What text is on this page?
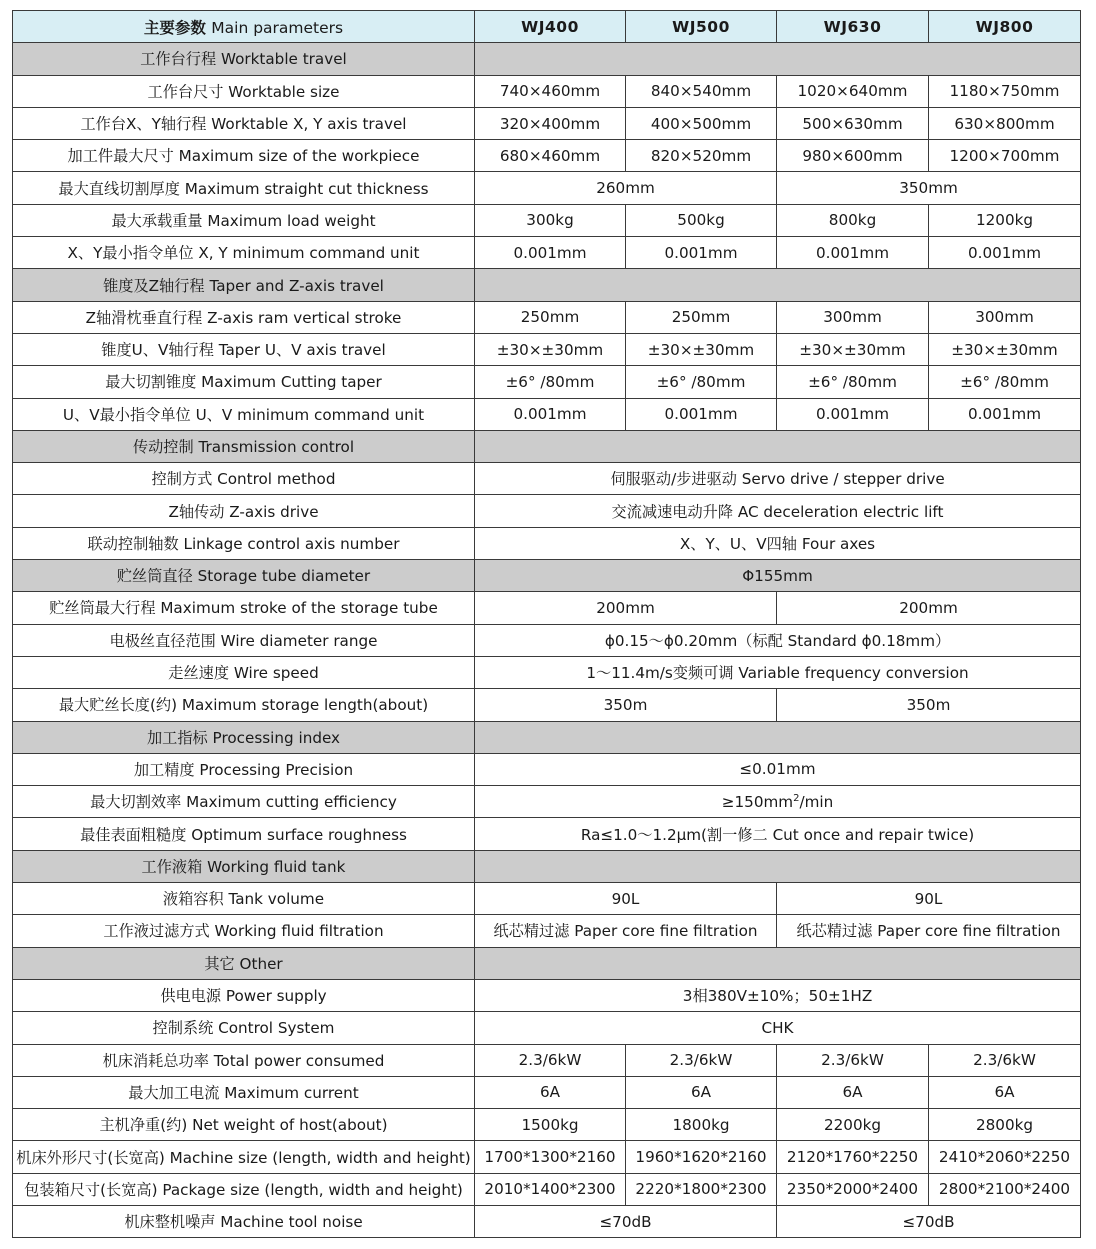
主要参数 Main parameters	WJ400	WJ500	WJ630	WJ800
工作台行程 Worktable travel				
工作台尺寸 Worktable size	740×460mm	840×540mm	1020×640mm	1180×750mm
工作台X、Y轴行程 Worktable X, Y axis travel	320×400mm	400×500mm	500×630mm	630×800mm
加工件最大尺寸 Maximum size of the workpiece	680×460mm	820×520mm	980×600mm	1200×700mm
最大直线切割厚度 Maximum straight cut thickness	260mm		350mm	
最大承载重量 Maximum load weight	300kg	500kg	800kg	1200kg
X、Y最小指令单位 X, Y minimum command unit	0.001mm	0.001mm	0.001mm	0.001mm
锥度及Z轴行程 Taper and Z-axis travel				
Z轴滑枕垂直行程 Z-axis ram vertical stroke	250mm	250mm	300mm	300mm
锥度U、V轴行程 Taper U、V axis travel	±30×±30mm	±30×±30mm	±30×±30mm	±30×±30mm
最大切割锥度 Maximum Cutting taper	±6° /80mm	±6° /80mm	±6° /80mm	±6° /80mm
U、V最小指令单位 U、V minimum command unit	0.001mm	0.001mm	0.001mm	0.001mm
传动控制 Transmission control				
控制方式 Control method	伺服驱动/步进驱动 Servo drive / stepper drive			
Z轴传动 Z-axis drive	交流减速电动升降 AC deceleration electric lift			
联动控制轴数 Linkage control axis number	X、Y、U、V四轴 Four axes			
贮丝筒直径 Storage tube diameter	Φ155mm			
贮丝筒最大行程 Maximum stroke of the storage tube	200mm		200mm	
电极丝直径范围 Wire diameter range	ϕ0.15～ϕ0.20mm（标配 Standard ϕ0.18mm）			
走丝速度 Wire speed	1～11.4m/s变频可调 Variable frequency conversion			
最大贮丝长度(约) Maximum storage length(about)	350m		350m	
加工指标 Processing index				
加工精度 Processing Precision	≤0.01mm			
最大切割效率 Maximum cutting efficiency	$\ge 150mm^2/\min$			
最佳表面粗糙度 Optimum surface roughness	Ra≤1.0～1.2μm(割一修二 Cut once and repair twice)			
工作液箱 Working fluid tank				
液箱容积 Tank volume	90L		90L	
工作液过滤方式 Working fluid filtration	纸芯精过滤 Paper core fine filtration		纸芯精过滤 Paper core fine filtration	
其它 Other				
供电电源 Power supply	3相380V±10%；50±1HZ			
控制系统 Control System	CHK			
机床消耗总功率 Total power consumed	2.3/6kW	2.3/6kW	2.3/6kW	2.3/6kW
最大加工电流 Maximum current	6A	6A	6A	6A
主机净重(约) Net weight of host(about)	1500kg	1800kg	2200kg	2800kg
机床外形尺寸(长宽高) Machine size (length, width and height)	1700*1300*2160	1960*1620*2160	2120*1760*2250	2410*2060*2250
包装箱尺寸(长宽高) Package size (length, width and height)	2010*1400*2300	2220*1800*2300	2350*2000*2400	2800*2100*2400
机床整机噪声 Machine tool noise	≤70dB		≤70dB	
